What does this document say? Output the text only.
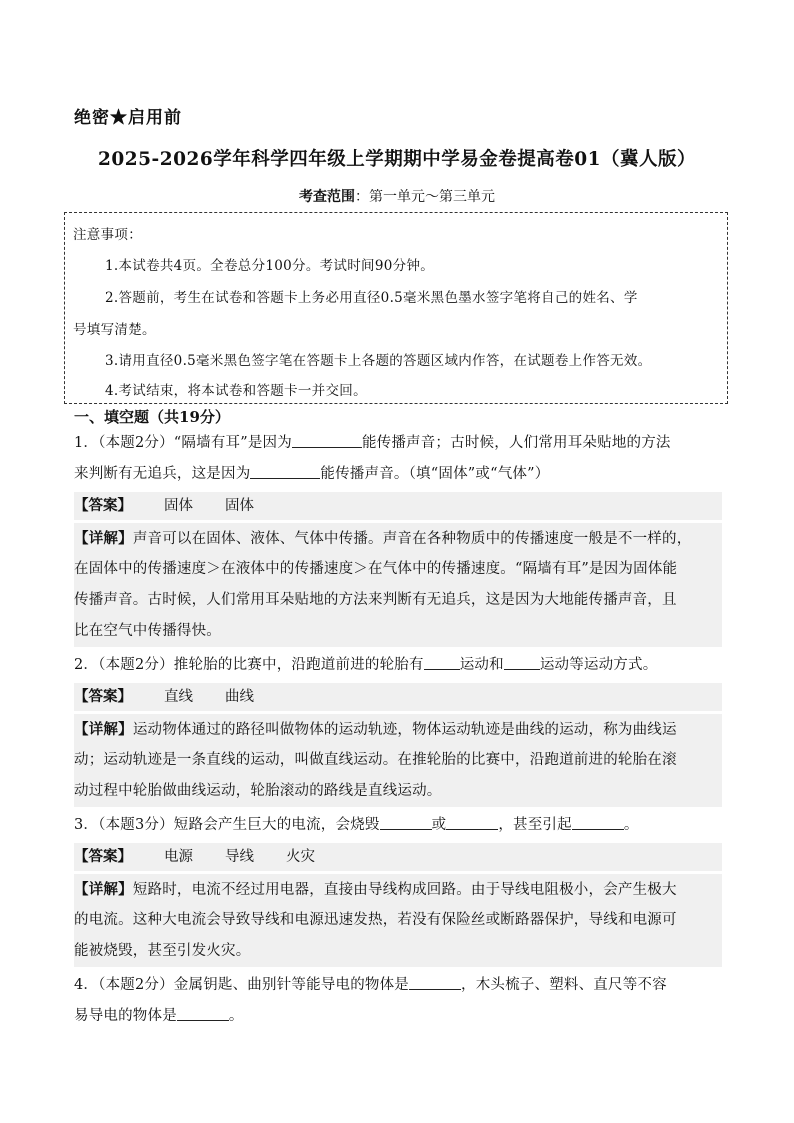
绝密★启用前
2025-2026学年科学四年级上学期期中学易金卷提高卷01（冀人版）
考查范围：第一单元～第三单元
注意事项：
1.本试卷共4页。全卷总分100分。考试时间90分钟。
2.答题前，考生在试卷和答题卡上务必用直径0.5毫米黑色墨水签字笔将自己的姓名、学
号填写清楚。
3.请用直径0.5毫米黑色签字笔在答题卡上各题的答题区域内作答，在试题卷上作答无效。
4.考试结束，将本试卷和答题卡一并交回。
一、填空题（共19分）
1．（本题2分）“隔墙有耳”是因为	能传播声音；古时候，人们常用耳朵贴地的方法
来判断有无追兵，这是因为	能传播声音。（填“固体”或“气体”）
【答案】 固体 固体
【详解】声音可以在固体、液体、气体中传播。声音在各种物质中的传播速度一般是不一样的，
在固体中的传播速度＞在液体中的传播速度＞在气体中的传播速度。“隔墙有耳”是因为固体能
传播声音。古时候，人们常用耳朵贴地的方法来判断有无追兵，这是因为大地能传播声音，且
比在空气中传播得快。
2．（本题2分）推轮胎的比赛中，沿跑道前进的轮胎有 运动和 运动等运动方式。
【答案】 直线 曲线
【详解】运动物体通过的路径叫做物体的运动轨迹，物体运动轨迹是曲线的运动，称为曲线运
动；运动轨迹是一条直线的运动，叫做直线运动。在推轮胎的比赛中，沿跑道前进的轮胎在滚
动过程中轮胎做曲线运动，轮胎滚动的路线是直线运动。
3．（本题3分）短路会产生巨大的电流，会烧毁	或	，甚至引起	。
【答案】 电源 导线 火灾
【详解】短路时，电流不经过用电器，直接由导线构成回路。由于导线电阻极小，会产生极大
的电流。这种大电流会导致导线和电源迅速发热，若没有保险丝或断路器保护，导线和电源可
能被烧毁，甚至引发火灾。
4．（本题2分）金属钥匙、曲别针等能导电的物体是	，木头梳子、塑料、直尺等不容
易导电的物体是	。
